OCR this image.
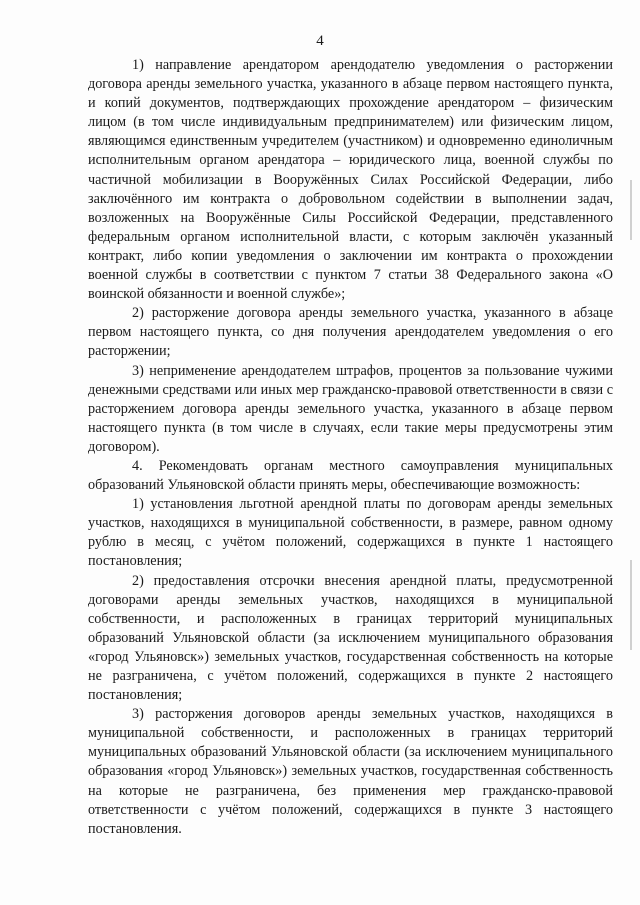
4

1) направление арендатором арендодателю уведомления о расторжении договора аренды земельного участка, указанного в абзаце первом настоящего пункта, и копий документов, подтверждающих прохождение арендатором – физическим лицом (в том числе индивидуальным предпринимателем) или физическим лицом, являющимся единственным учредителем (участником) и одновременно единоличным исполнительным органом арендатора – юридического лица, военной службы по частичной мобилизации в Вооружённых Силах Российской Федерации, либо заключённого им контракта о добровольном содействии в выполнении задач, возложенных на Вооружённые Силы Российской Федерации, представленного федеральным органом исполнительной власти, с которым заключён указанный контракт, либо копии уведомления о заключении им контракта о прохождении военной службы в соответствии с пунктом 7 статьи 38 Федерального закона «О воинской обязанности и военной службе»;

2) расторжение договора аренды земельного участка, указанного в абзаце первом настоящего пункта, со дня получения арендодателем уведомления о его расторжении;

3) неприменение арендодателем штрафов, процентов за пользование чужими денежными средствами или иных мер гражданско-правовой ответственности в связи с расторжением договора аренды земельного участка, указанного в абзаце первом настоящего пункта (в том числе в случаях, если такие меры предусмотрены этим договором).

4. Рекомендовать органам местного самоуправления муниципальных образований Ульяновской области принять меры, обеспечивающие возможность:

1) установления льготной арендной платы по договорам аренды земельных участков, находящихся в муниципальной собственности, в размере, равном одному рублю в месяц, с учётом положений, содержащихся в пункте 1 настоящего постановления;

2) предоставления отсрочки внесения арендной платы, предусмотренной договорами аренды земельных участков, находящихся в муниципальной собственности, и расположенных в границах территорий муниципальных образований Ульяновской области (за исключением муниципального образования «город Ульяновск») земельных участков, государственная собственность на которые не разграничена, с учётом положений, содержащихся в пункте 2 настоящего постановления;

3) расторжения договоров аренды земельных участков, находящихся в муниципальной собственности, и расположенных в границах территорий муниципальных образований Ульяновской области (за исключением муниципального образования «город Ульяновск») земельных участков, государственная собственность на которые не разграничена, без применения мер гражданско-правовой ответственности с учётом положений, содержащихся в пункте 3 настоящего постановления.
